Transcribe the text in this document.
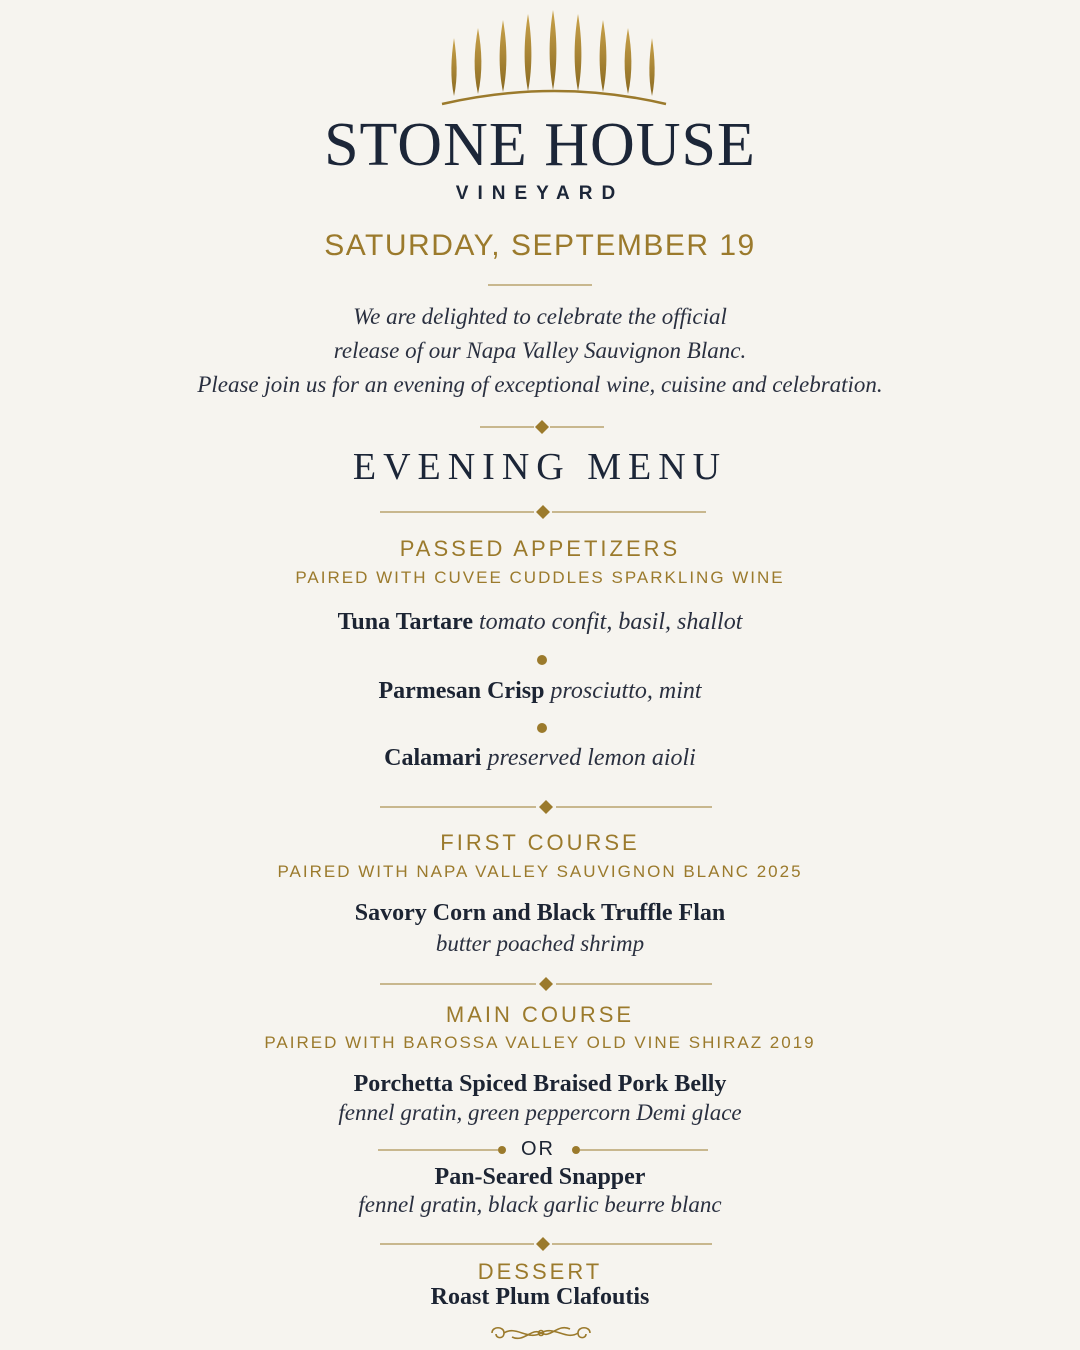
STONE HOUSE
VINEYARD
SATURDAY, SEPTEMBER 19
We are delighted to celebrate the official
release of our Napa Valley Sauvignon Blanc.
Please join us for an evening of exceptional wine, cuisine and celebration.
EVENING MENU
PASSED APPETIZERS
PAIRED WITH CUVEE CUDDLES SPARKLING WINE
Tuna Tartare tomato confit, basil, shallot
Parmesan Crisp prosciutto, mint
Calamari preserved lemon aioli
FIRST COURSE
PAIRED WITH NAPA VALLEY SAUVIGNON BLANC 2025
Savory Corn and Black Truffle Flan
butter poached shrimp
MAIN COURSE
PAIRED WITH BAROSSA VALLEY OLD VINE SHIRAZ 2019
Porchetta Spiced Braised Pork Belly
fennel gratin, green peppercorn Demi glace
OR
Pan-Seared Snapper
fennel gratin, black garlic beurre blanc
DESSERT
Roast Plum Clafoutis
